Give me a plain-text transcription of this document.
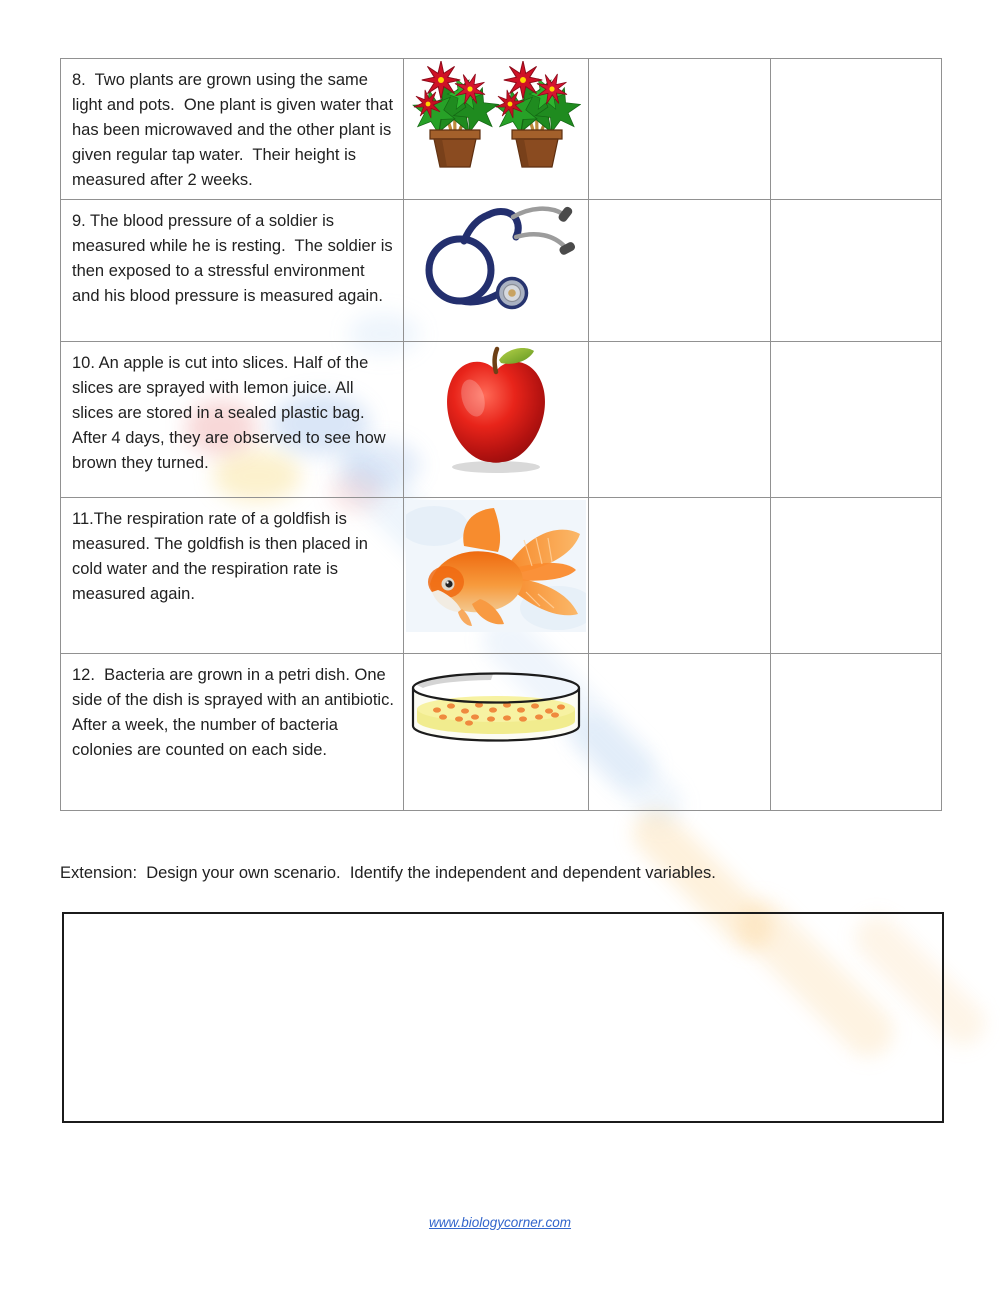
8.  Two plants are grown using the same light and pots.  One plant is given water that has been microwaved and the other plant is given regular tap water.  Their height is measured after 2 weeks.			
9. The blood pressure of a soldier is measured while he is resting.  The soldier is then exposed to a stressful environment and his blood pressure is measured again.			
10. An apple is cut into slices. Half of the slices are sprayed with lemon juice. All slices are stored in a sealed plastic bag. After 4 days, they are observed to see how brown they turned.			
11.The respiration rate of a goldfish is measured. The goldfish is then placed in cold water and the respiration rate is measured again.			
12.  Bacteria are grown in a petri dish. One side of the dish is sprayed with an antibiotic.  After a week, the number of bacteria colonies are counted on each side.			
Extension:  Design your own scenario.  Identify the independent and dependent variables.
www.biologycorner.com
